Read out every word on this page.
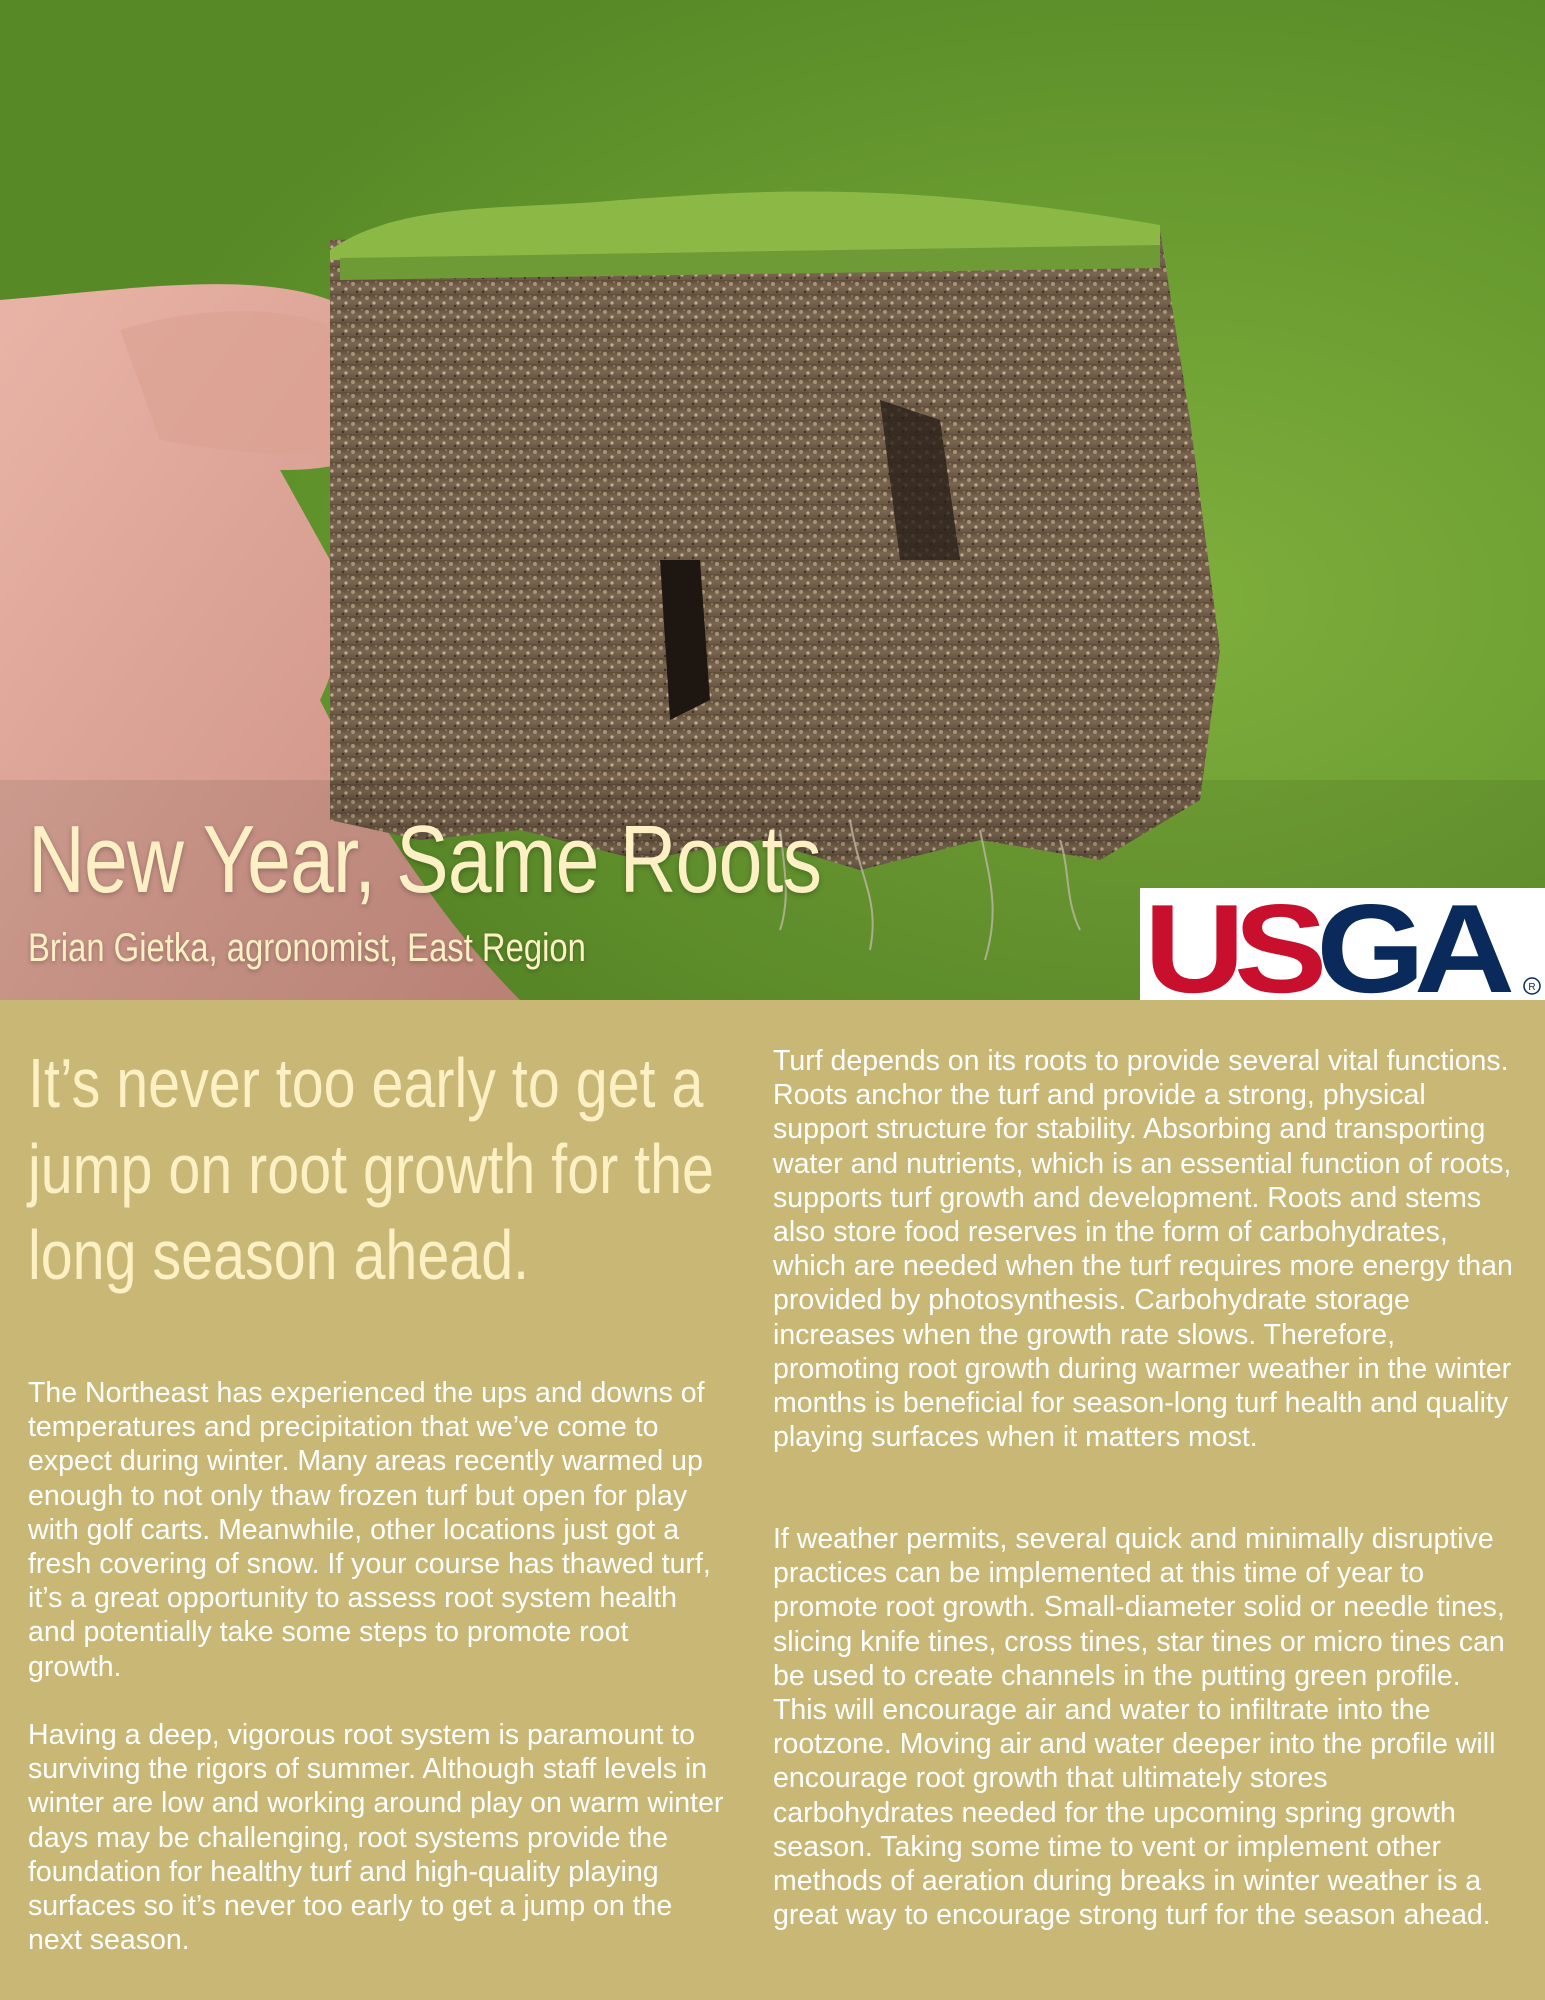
New Year, Same Roots

Brian Gietka, agronomist, East Region	US GA	R
It’s never too early to get a jump on root growth for the long season ahead.

The Northeast has experienced the ups and downs of temperatures and precipitation that we’ve come to expect during winter. Many areas recently warmed up enough to not only thaw frozen turf but open for play with golf carts. Meanwhile, other locations just got a fresh covering of snow. If your course has thawed turf, it’s a great opportunity to assess root system health and potentially take some steps to promote root growth.

Having a deep, vigorous root system is paramount to surviving the rigors of summer. Although staff levels in winter are low and working around play on warm winter days may be challenging, root systems provide the foundation for healthy turf and high-quality playing surfaces so it’s never too early to get a jump on the next season.

Turf depends on its roots to provide several vital functions. Roots anchor the turf and provide a strong, physical support structure for stability. Absorbing and transporting water and nutrients, which is an essential function of roots, supports turf growth and development. Roots and stems also store food reserves in the form of carbohydrates, which are needed when the turf requires more energy than provided by photosynthesis. Carbohydrate storage increases when the growth rate slows. Therefore, promoting root growth during warmer weather in the winter months is beneficial for season-long turf health and quality playing surfaces when it matters most.

If weather permits, several quick and minimally disruptive practices can be implemented at this time of year to promote root growth. Small-diameter solid or needle tines, slicing knife tines, cross tines, star tines or micro tines can be used to create channels in the putting green profile. This will encourage air and water to infiltrate into the rootzone. Moving air and water deeper into the profile will encourage root growth that ultimately stores carbohydrates needed for the upcoming spring growth season. Taking some time to vent or implement other methods of aeration during breaks in winter weather is a great way to encourage strong turf for the season ahead.
